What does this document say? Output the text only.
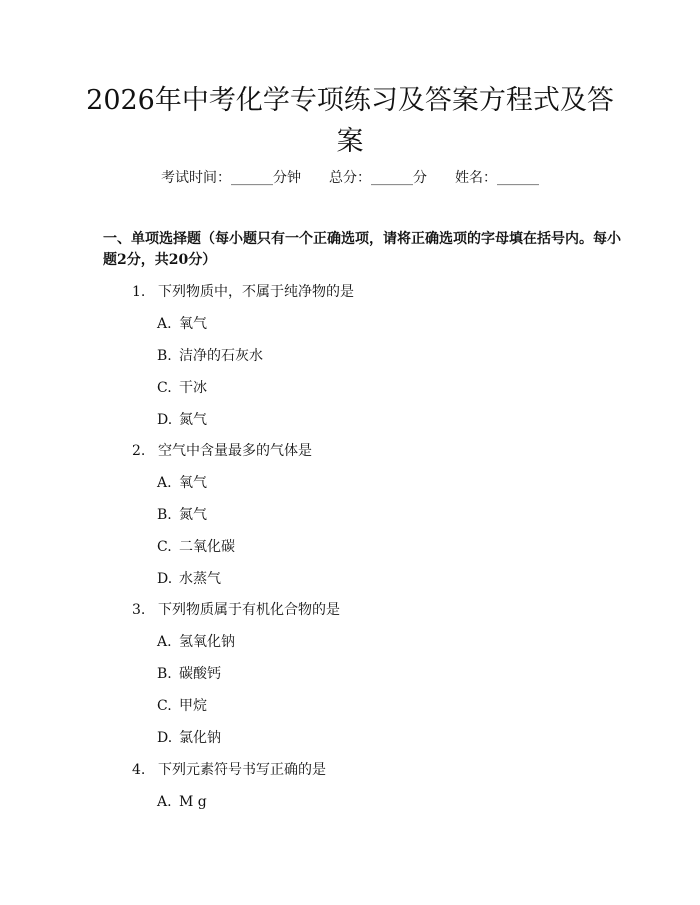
2026年中考化学专项练习及答案方程式及答案
考试时间：______分钟 总分：______分 姓名：______

一、单项选择题（每小题只有一个正确选项，请将正确选项的字母填在括号内。每小题2分，共20分）

1. 下列物质中，不属于纯净物的是
A. 氧气
B. 洁净的石灰水
C. 干冰
D. 氮气
2. 空气中含量最多的气体是
A. 氧气
B. 氮气
C. 二氧化碳
D. 水蒸气
3. 下列物质属于有机化合物的是
A. 氢氧化钠
B. 碳酸钙
C. 甲烷
D. 氯化钠
4. 下列元素符号书写正确的是
A. M g
